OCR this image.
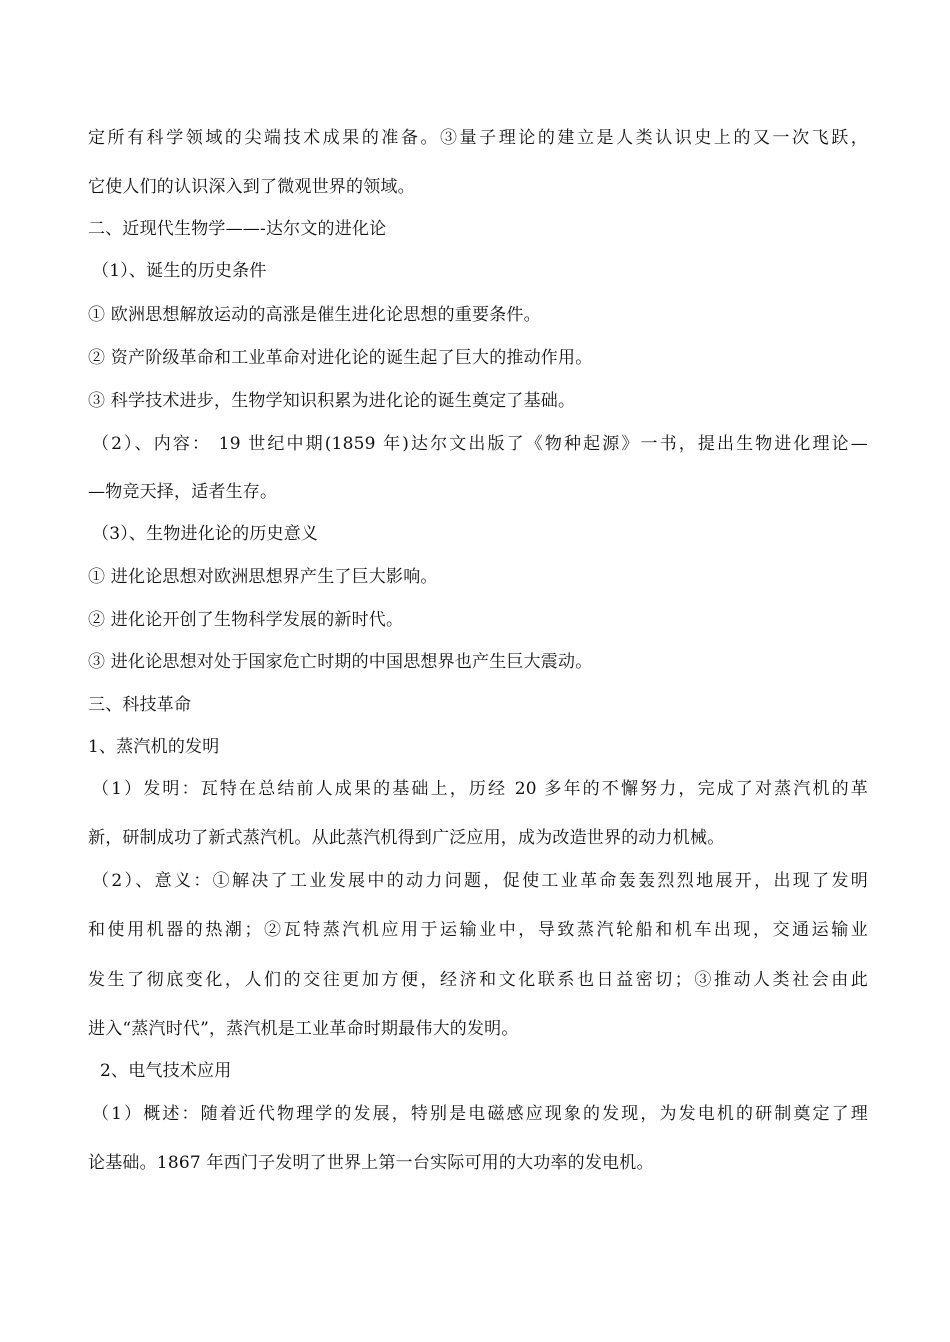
定所有科学领域的尖端技术成果的准备。③量子理论的建立是人类认识史上的又一次飞跃，
它使人们的认识深入到了微观世界的领域。
二、近现代生物学——-达尔文的进化论
（1）、诞生的历史条件
① 欧洲思想解放运动的高涨是催生进化论思想的重要条件。
② 资产阶级革命和工业革命对进化论的诞生起了巨大的推动作用。
③ 科学技术进步，生物学知识积累为进化论的诞生奠定了基础。
（2）、内容： 19 世纪中期(1859 年)达尔文出版了《物种起源》一书，提出生物进化理论—
—物竞天择，适者生存。
（3）、生物进化论的历史意义
① 进化论思想对欧洲思想界产生了巨大影响。
② 进化论开创了生物科学发展的新时代。
③ 进化论思想对处于国家危亡时期的中国思想界也产生巨大震动。
三、科技革命
1、蒸汽机的发明
（1）发明：瓦特在总结前人成果的基础上，历经 20 多年的不懈努力，完成了对蒸汽机的革
新，研制成功了新式蒸汽机。从此蒸汽机得到广泛应用，成为改造世界的动力机械。
（2）、意义：①解决了工业发展中的动力问题，促使工业革命轰轰烈烈地展开，出现了发明
和使用机器的热潮；②瓦特蒸汽机应用于运输业中，导致蒸汽轮船和机车出现，交通运输业
发生了彻底变化，人们的交往更加方便，经济和文化联系也日益密切；③推动人类社会由此
进入“蒸汽时代”，蒸汽机是工业革命时期最伟大的发明。
2、电气技术应用
（1）概述：随着近代物理学的发展，特别是电磁感应现象的发现，为发电机的研制奠定了理
论基础。1867 年西门子发明了世界上第一台实际可用的大功率的发电机。
